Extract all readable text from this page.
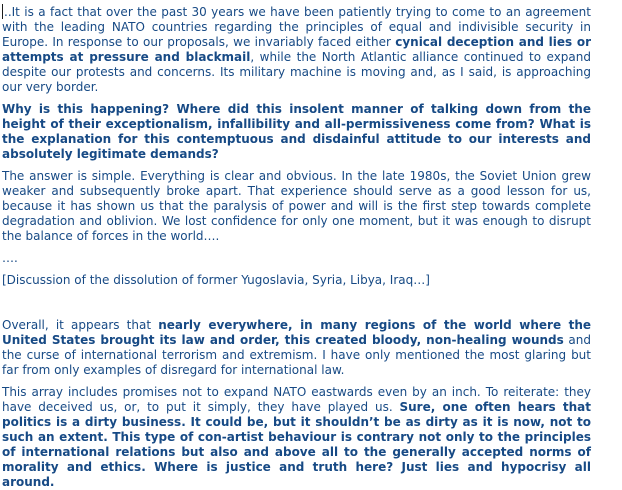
..It is a fact that over the past 30 years we have been patiently trying to come to an agreement with the leading NATO countries regarding the principles of equal and indivisible security in Europe. In response to our proposals, we invariably faced either cynical deception and lies or attempts at pressure and blackmail, while the North Atlantic alliance continued to expand despite our protests and concerns. Its military machine is moving and, as I said, is approaching our very border.

Why is this happening? Where did this insolent manner of talking down from the height of their exceptionalism, infallibility and all-permissiveness come from? What is the explanation for this contemptuous and disdainful attitude to our interests and absolutely legitimate demands?

The answer is simple. Everything is clear and obvious. In the late 1980s, the Soviet Union grew weaker and subsequently broke apart. That experience should serve as a good lesson for us, because it has shown us that the paralysis of power and will is the first step towards complete degradation and oblivion. We lost confidence for only one moment, but it was enough to disrupt the balance of forces in the world….

….

[Discussion of the dissolution of former Yugoslavia, Syria, Libya, Iraq…]

Overall, it appears that nearly everywhere, in many regions of the world where the United States brought its law and order, this created bloody, non-healing wounds and the curse of international terrorism and extremism. I have only mentioned the most glaring but far from only examples of disregard for international law.

This array includes promises not to expand NATO eastwards even by an inch. To reiterate: they have deceived us, or, to put it simply, they have played us. Sure, one often hears that politics is a dirty business. It could be, but it shouldn’t be as dirty as it is now, not to such an extent. This type of con-artist behaviour is contrary not only to the principles of international relations but also and above all to the generally accepted norms of morality and ethics. Where is justice and truth here? Just lies and hypocrisy all around.
